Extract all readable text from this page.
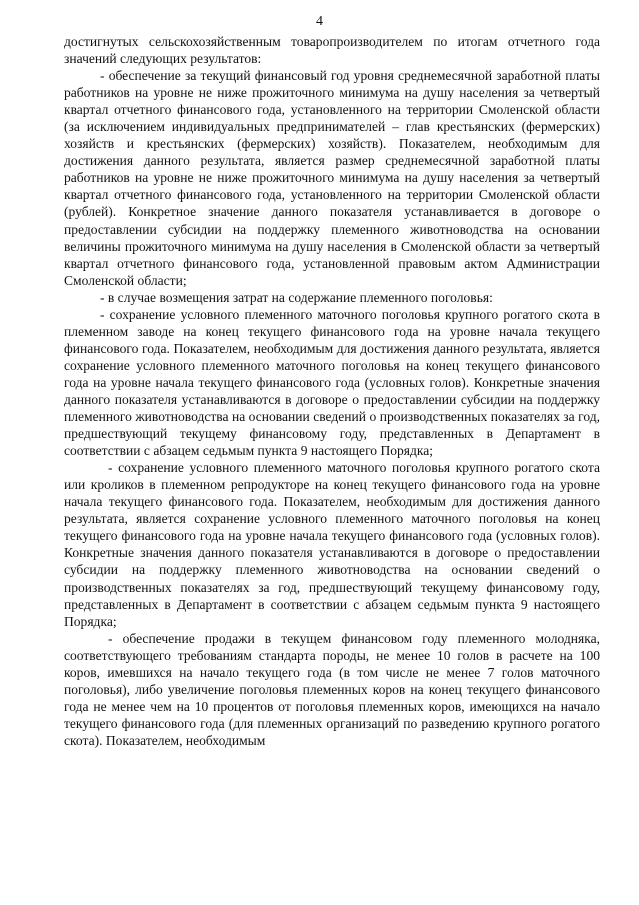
4

достигнутых сельскохозяйственным товаропроизводителем по итогам отчетного года значений следующих результатов:

- обеспечение за текущий финансовый год уровня среднемесячной заработной платы работников на уровне не ниже прожиточного минимума на душу населения за четвертый квартал отчетного финансового года, установленного на территории Смоленской области (за исключением индивидуальных предпринимателей – глав крестьянских (фермерских) хозяйств и крестьянских (фермерских) хозяйств). Показателем, необходимым для достижения данного результата, является размер среднемесячной заработной платы работников на уровне не ниже прожиточного минимума на душу населения за четвертый квартал отчетного финансового года, установленного на территории Смоленской области (рублей). Конкретное значение данного показателя устанавливается в договоре о предоставлении субсидии на поддержку племенного животноводства на основании величины прожиточного минимума на душу населения в Смоленской области за четвертый квартал отчетного финансового года, установленной правовым актом Администрации Смоленской области;

- в случае возмещения затрат на содержание племенного поголовья:

- сохранение условного племенного маточного поголовья крупного рогатого скота в племенном заводе на конец текущего финансового года на уровне начала текущего финансового года. Показателем, необходимым для достижения данного результата, является сохранение условного племенного маточного поголовья на конец текущего финансового года на уровне начала текущего финансового года (условных голов). Конкретные значения данного показателя устанавливаются в договоре о предоставлении субсидии на поддержку племенного животноводства на основании сведений о производственных показателях за год, предшествующий текущему финансовому году, представленных в Департамент в соответствии с абзацем седьмым пункта 9 настоящего Порядка;

- сохранение условного племенного маточного поголовья крупного рогатого скота или кроликов в племенном репродукторе на конец текущего финансового года на уровне начала текущего финансового года. Показателем, необходимым для достижения данного результата, является сохранение условного племенного маточного поголовья на конец текущего финансового года на уровне начала текущего финансового года (условных голов). Конкретные значения данного показателя устанавливаются в договоре о предоставлении субсидии на поддержку племенного животноводства на основании сведений о производственных показателях за год, предшествующий текущему финансовому году, представленных в Департамент в соответствии с абзацем седьмым пункта 9 настоящего Порядка;

- обеспечение продажи в текущем финансовом году племенного молодняка, соответствующего требованиям стандарта породы, не менее 10 голов в расчете на 100 коров, имевшихся на начало текущего года (в том числе не менее 7 голов маточного поголовья), либо увеличение поголовья племенных коров на конец текущего финансового года не менее чем на 10 процентов от поголовья племенных коров, имеющихся на начало текущего финансового года (для племенных организаций по разведению крупного рогатого скота). Показателем, необходимым
